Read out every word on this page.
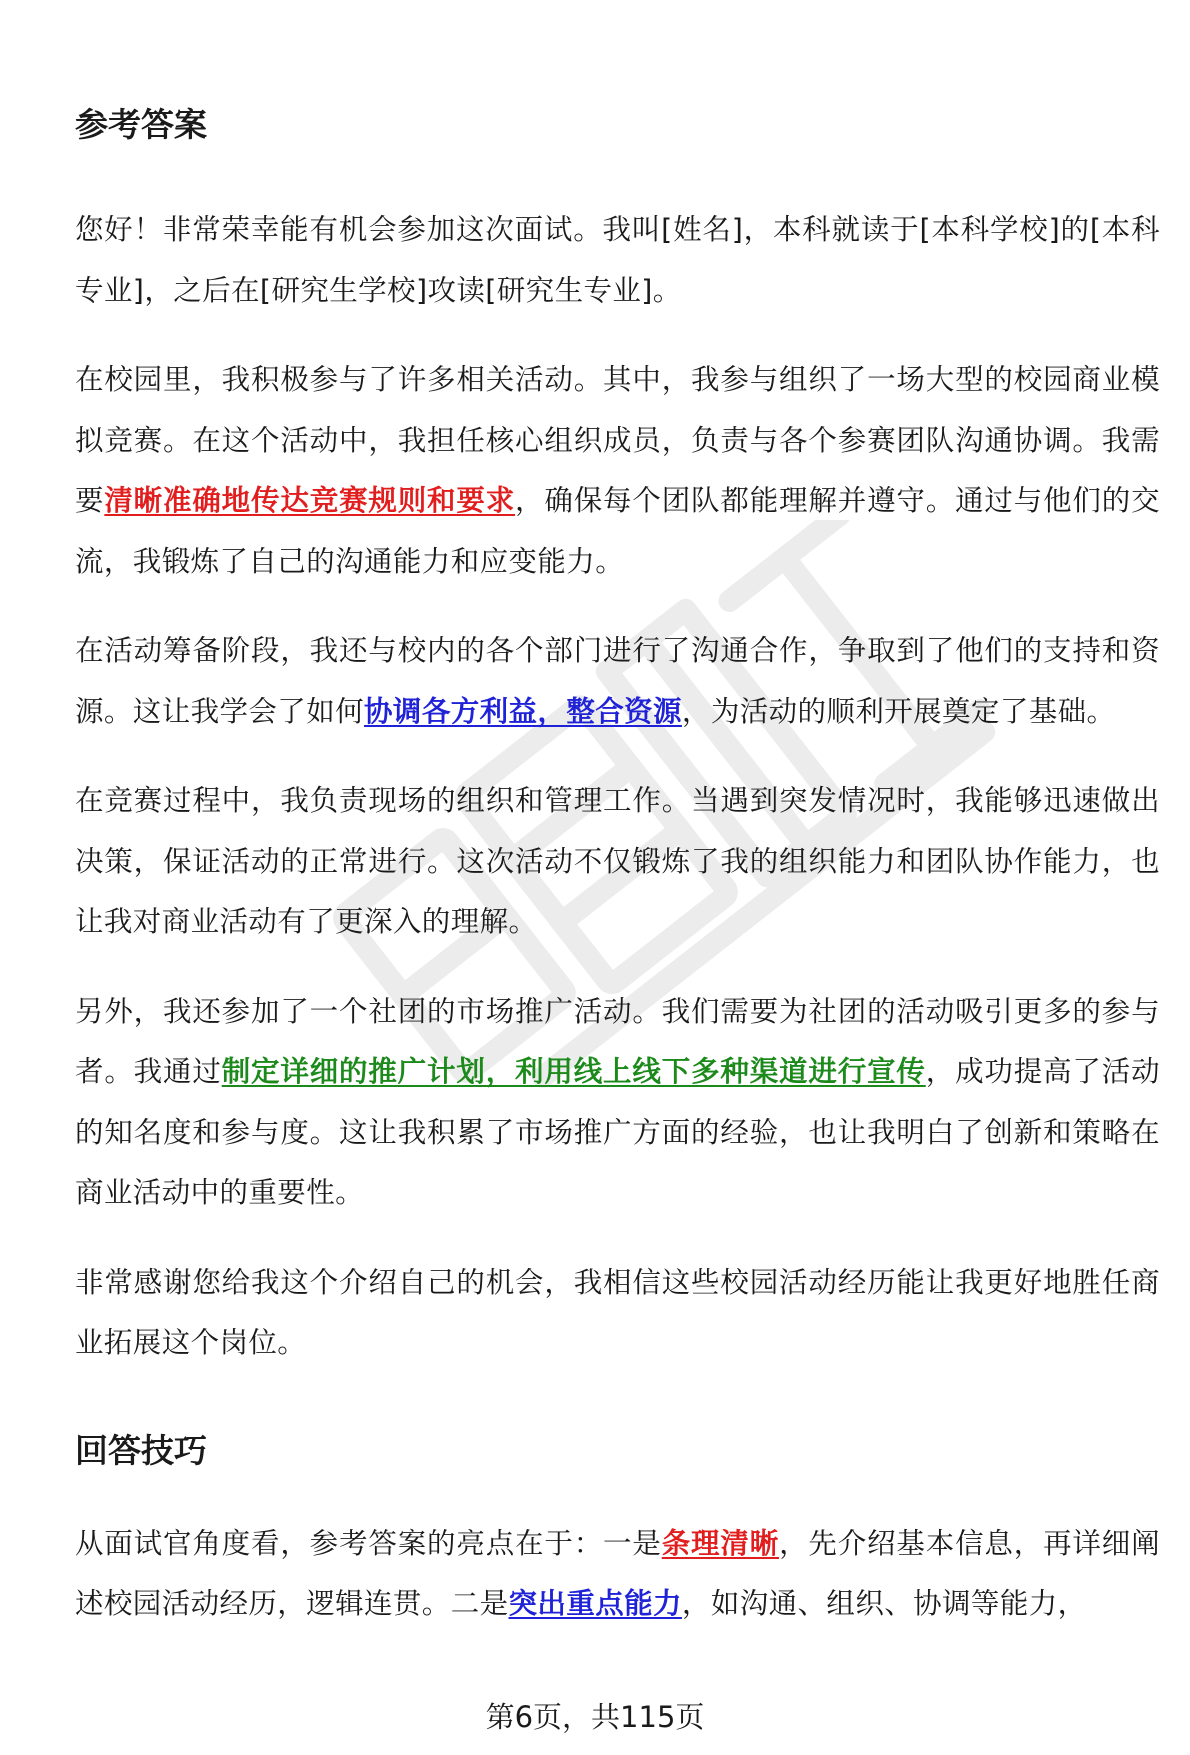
参考答案

您好！非常荣幸能有机会参加这次面试。我叫[姓名]，本科就读于[本科学校]的[本科专业]，之后在[研究生学校]攻读[研究生专业]。

在校园里，我积极参与了许多相关活动。其中，我参与组织了一场大型的校园商业模拟竞赛。在这个活动中，我担任核心组织成员，负责与各个参赛团队沟通协调。我需要清晰准确地传达竞赛规则和要求，确保每个团队都能理解并遵守。通过与他们的交流，我锻炼了自己的沟通能力和应变能力。

在活动筹备阶段，我还与校内的各个部门进行了沟通合作，争取到了他们的支持和资源。这让我学会了如何协调各方利益，整合资源，为活动的顺利开展奠定了基础。

在竞赛过程中，我负责现场的组织和管理工作。当遇到突发情况时，我能够迅速做出决策，保证活动的正常进行。这次活动不仅锻炼了我的组织能力和团队协作能力，也让我对商业活动有了更深入的理解。

另外，我还参加了一个社团的市场推广活动。我们需要为社团的活动吸引更多的参与者。我通过制定详细的推广计划，利用线上线下多种渠道进行宣传，成功提高了活动的知名度和参与度。这让我积累了市场推广方面的经验，也让我明白了创新和策略在商业活动中的重要性。

非常感谢您给我这个介绍自己的机会，我相信这些校园活动经历能让我更好地胜任商业拓展这个岗位。

回答技巧

从面试官角度看，参考答案的亮点在于：一是条理清晰，先介绍基本信息，再详细阐述校园活动经历，逻辑连贯。二是突出重点能力，如沟通、组织、协调等能力，

第6页，共115页
